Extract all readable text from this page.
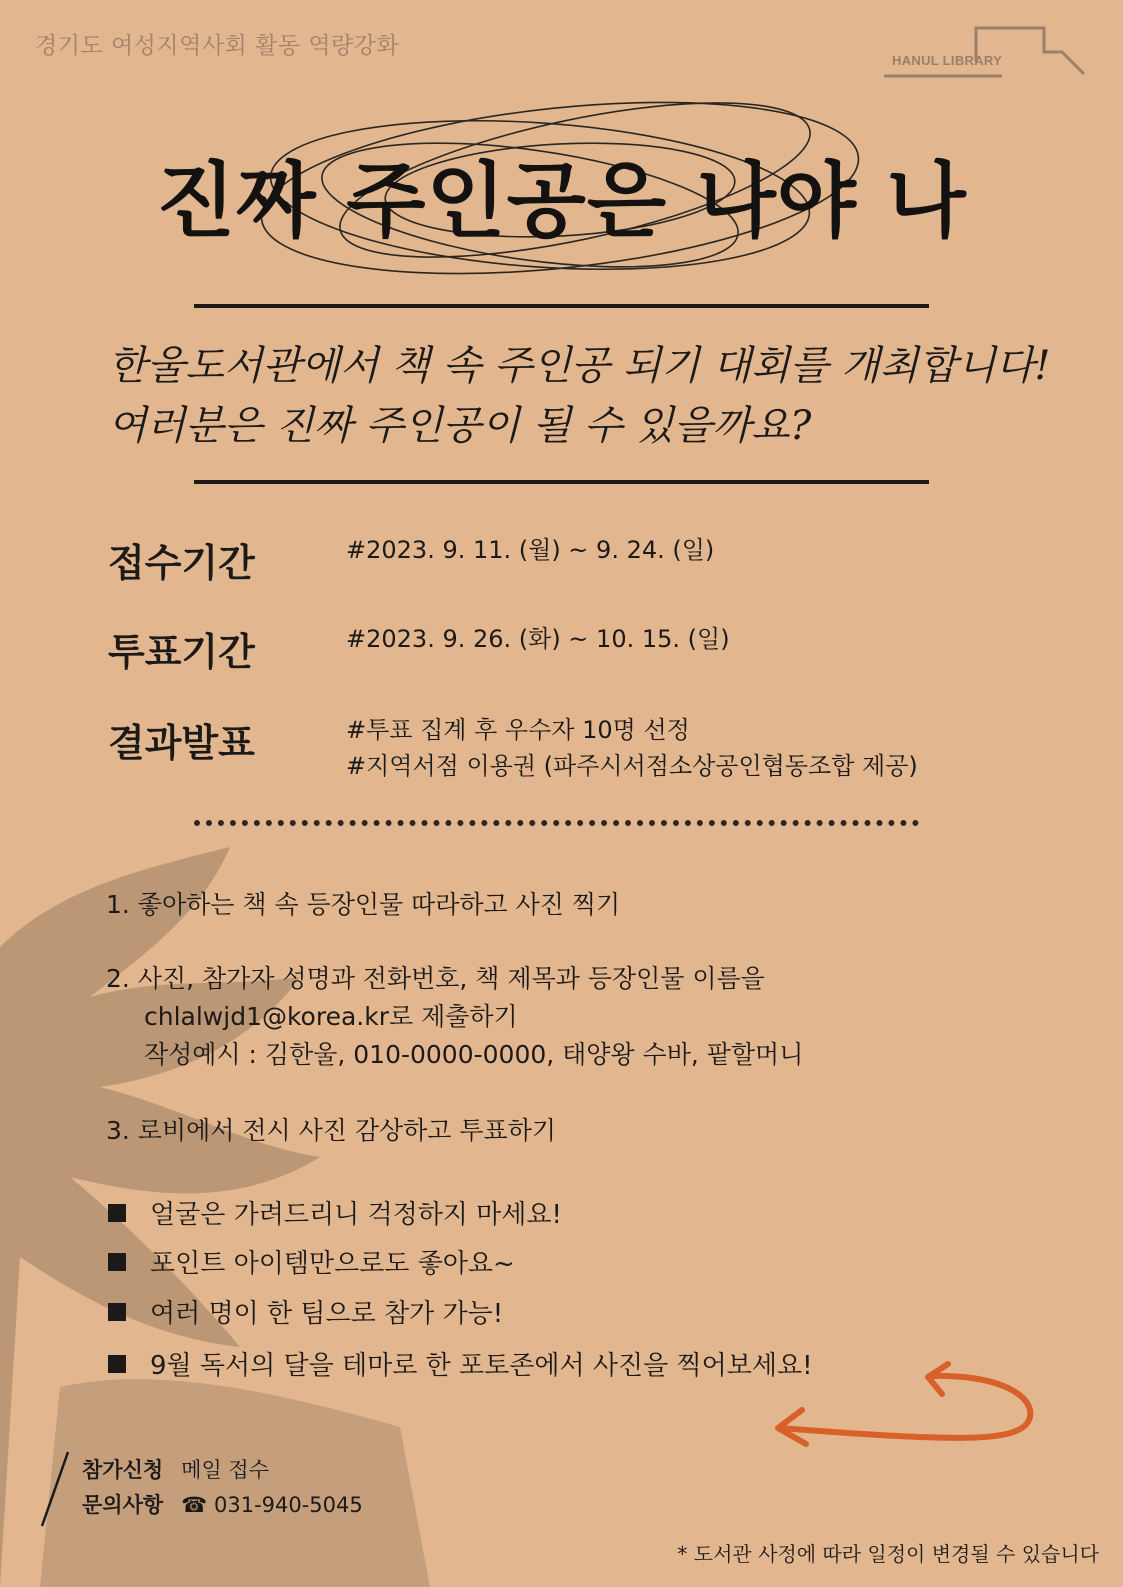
경기도 여성지역사회 활동 역량강화
HANUL LIBRARY
진짜 주인공은 나야 나
한울도서관에서 책 속 주인공 되기 대회를 개최합니다!
여러분은 진짜 주인공이 될 수 있을까요?
접수기간	#2023. 9. 11. (월) ~ 9. 24. (일)
투표기간	#2023. 9. 26. (화) ~ 10. 15. (일)
결과발표	#투표 집계 후 우수자 10명 선정
#지역서점 이용권 (파주시서점소상공인협동조합 제공)
1. 좋아하는 책 속 등장인물 따라하고 사진 찍기
2. 사진, 참가자 성명과 전화번호, 책 제목과 등장인물 이름을
chlalwjd1@korea.kr로 제출하기
작성예시 : 김한울, 010-0000-0000, 태양왕 수바, 팥할머니
3. 로비에서 전시 사진 감상하고 투표하기
얼굴은 가려드리니 걱정하지 마세요!
포인트 아이템만으로도 좋아요~
여러 명이 한 팀으로 참가 가능!
9월 독서의 달을 테마로 한 포토존에서 사진을 찍어보세요!
참가신청 메일 접수
문의사항 ☎ 031-940-5045
* 도서관 사정에 따라 일정이 변경될 수 있습니다
